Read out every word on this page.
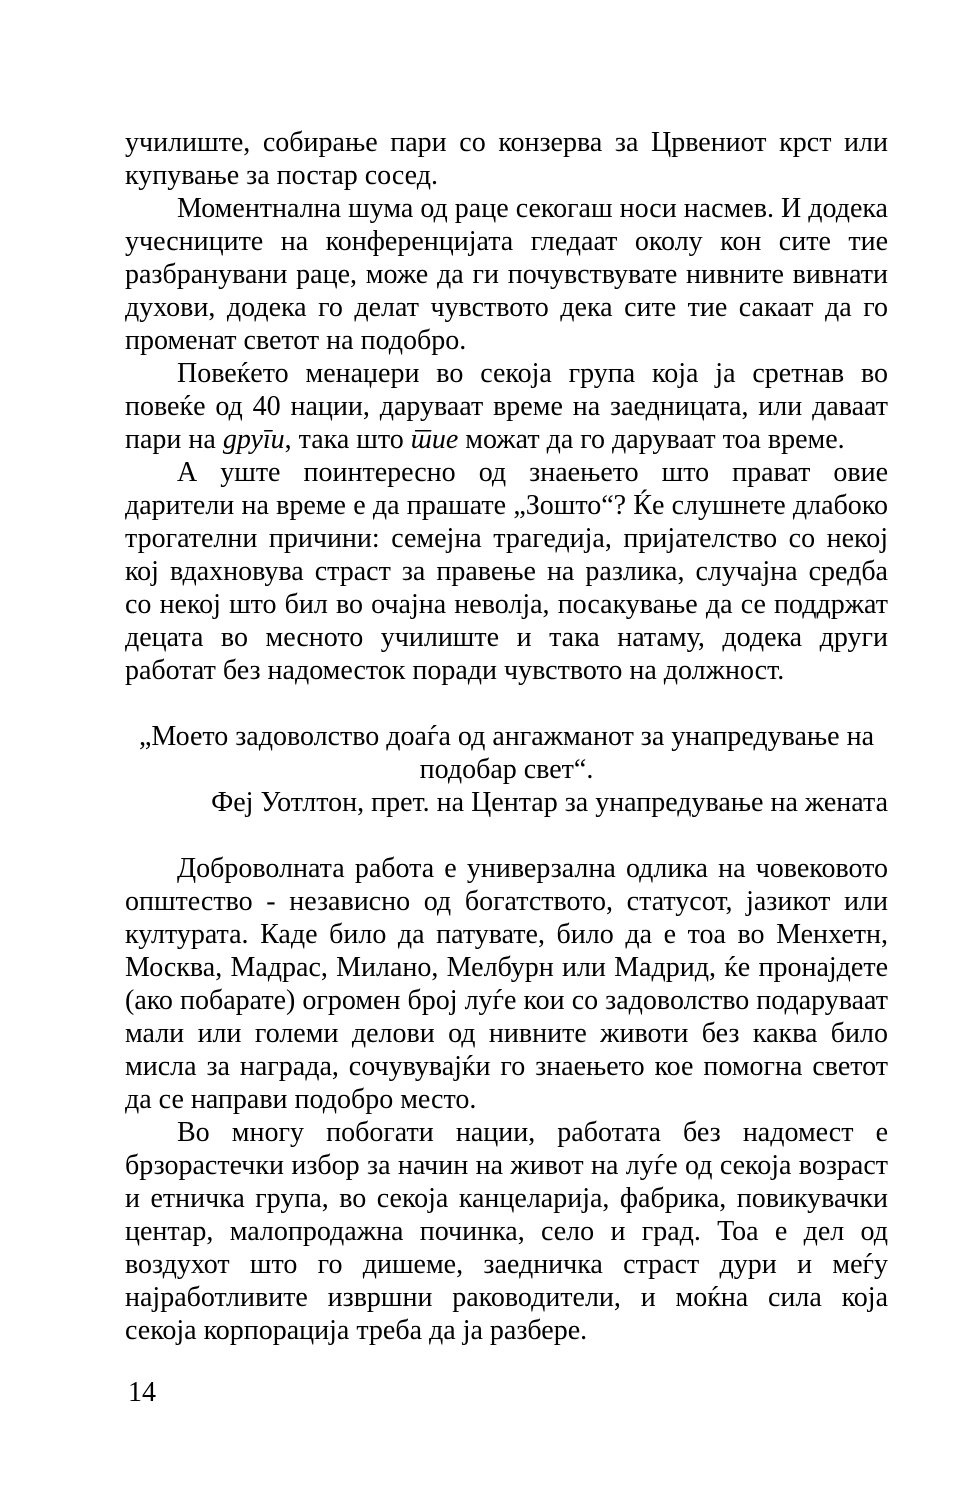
училиште, собирање пари со конзерва за Црвениот крст или купување за постар сосед.

Моментнална шума од раце секогаш носи насмев. И додека учесниците на конференцијата гледаат околу кон сите тие разбранувани раце, може да ги почувствувате нивните вивнати духови, додека го делат чувството дека сите тие сакаат да го променат светот на подобро.

Повеќето менаџери во секоја група која ја сретнав во повеќе од 40 нации, даруваат време на заедницата, или даваат пари на други, така што тие можат да го даруваат тоа време.

А уште поинтересно од знаењето што прават овие дарители на време е да прашате „Зошто“? Ќе слушнете длабоко трогателни причини: семејна трагедија, пријателство со некој кој вдахновува страст за правење на разлика, случајна средба со некој што бил во очајна неволја, посакување да се поддржат децата во месното училиште и така натаму, додека други работат без надоместок поради чувството на должност.

„Моето задоволство доаѓа од ангажманот за унапредување на подобар свет“.

Феј Уотлтон, прет. на Центар за унапредување на жената

Доброволната работа е универзална одлика на човековото општество - независно од богатството, статусот, јазикот или културата. Каде било да патувате, било да е тоа во Менхетн, Москва, Мадрас, Милано, Мелбурн или Мадрид, ќе пронајдете (ако побарате) огромен број луѓе кои со задоволство подаруваат мали или големи делови од нивните животи без каква било мисла за награда, сочувувајќи го знаењето кое помогна светот да се направи подобро место.

Во многу побогати нации, работата без надомест е брзорастечки избор за начин на живот на луѓе од секоја возраст и етничка група, во секоја канцеларија, фабрика, повикувачки центар, малопродажна починка, село и град. Тоа е дел од воздухот што го дишеме, заедничка страст дури и меѓу најработливите извршни раководители, и моќна сила која секоја корпорација треба да ја разбере.

14
